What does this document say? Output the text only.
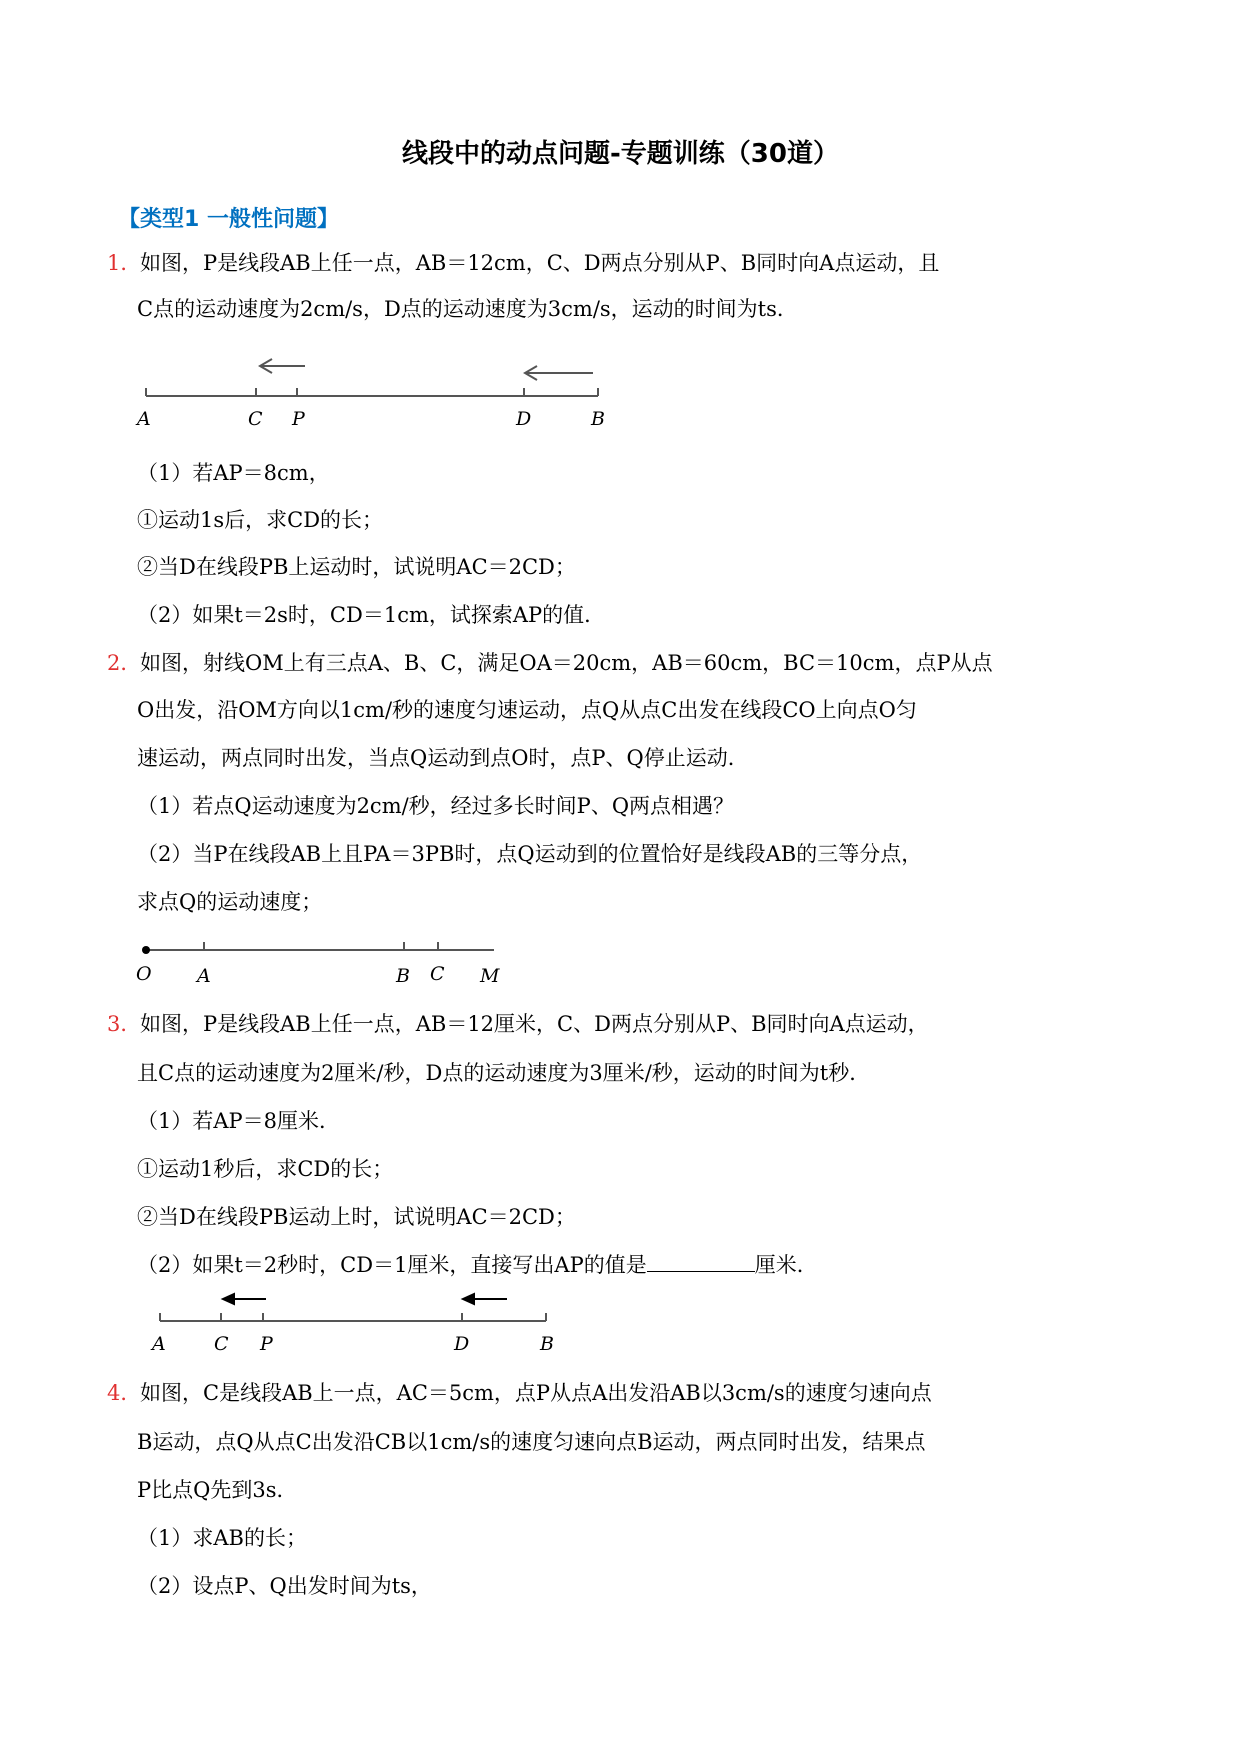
线段中的动点问题-专题训练（30道）
【类型1 一般性问题】
1．
如图，P是线段AB上任一点，AB＝12cm，C、D两点分别从P、B同时向A点运动，且
C点的运动速度为2cm/s，D点的运动速度为3cm/s，运动的时间为ts．
A	C P	D	B
（1）若AP＝8cm，
①运动1s后，求CD的长；
②当D在线段PB上运动时，试说明AC＝2CD；
（2）如果t＝2s时，CD＝1cm，试探索AP的值．
2．
如图，射线OM上有三点A、B、C，满足OA＝20cm，AB＝60cm，BC＝10cm，点P从点
O出发，沿OM方向以1cm/秒的速度匀速运动，点Q从点C出发在线段CO上向点O匀
速运动，两点同时出发，当点Q运动到点O时，点P、Q停止运动．
（1）若点Q运动速度为2cm/秒，经过多长时间P、Q两点相遇？
（2）当P在线段AB上且PA＝3PB时，点Q运动到的位置恰好是线段AB的三等分点，
求点Q的运动速度；
O A	B C M
3．
如图，P是线段AB上任一点，AB＝12厘米，C、D两点分别从P、B同时向A点运动，
且C点的运动速度为2厘米/秒，D点的运动速度为3厘米/秒，运动的时间为t秒．
（1）若AP＝8厘米．
①运动1秒后，求CD的长；
②当D在线段PB运动上时，试说明AC＝2CD；
（2）如果t＝2秒时，CD＝1厘米，直接写出AP的值是	厘米．
A	C P	D	B
4．
如图，C是线段AB上一点，AC＝5cm，点P从点A出发沿AB以3cm/s的速度匀速向点
B运动，点Q从点C出发沿CB以1cm/s的速度匀速向点B运动，两点同时出发，结果点
P比点Q先到3s．
（1）求AB的长；
（2）设点P、Q出发时间为ts，
